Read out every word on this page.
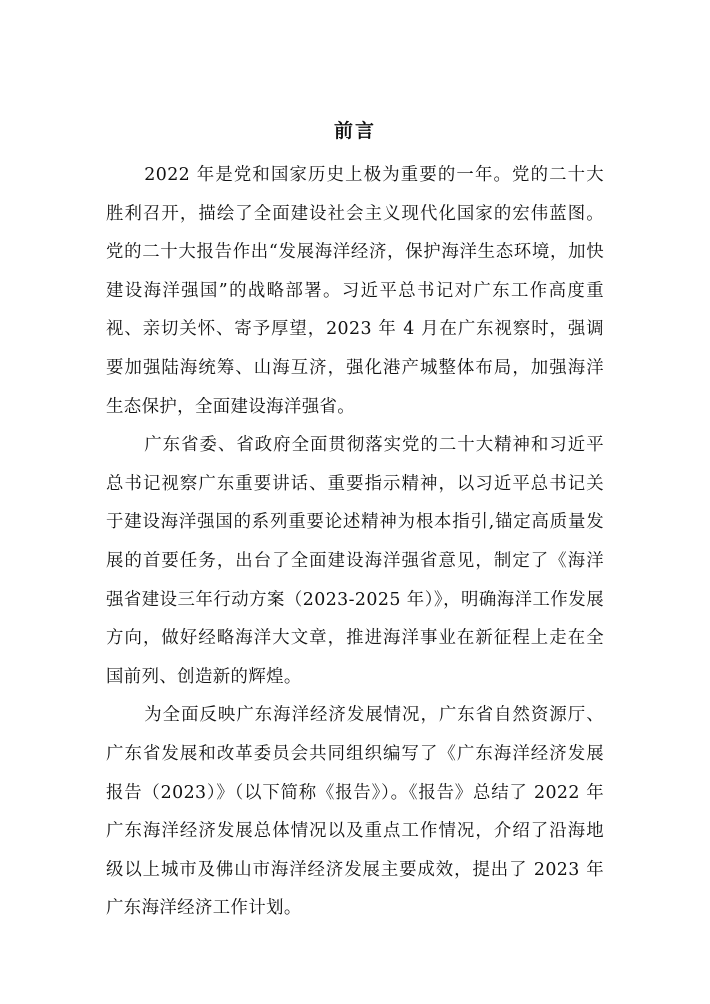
前言

2022 年是党和国家历史上极为重要的一年。党的二十大胜利召开，描绘了全面建设社会主义现代化国家的宏伟蓝图。党的二十大报告作出“发展海洋经济，保护海洋生态环境，加快建设海洋强国”的战略部署。习近平总书记对广东工作高度重视、亲切关怀、寄予厚望，2023 年 4 月在广东视察时，强调要加强陆海统筹、山海互济，强化港产城整体布局，加强海洋生态保护，全面建设海洋强省。

广东省委、省政府全面贯彻落实党的二十大精神和习近平总书记视察广东重要讲话、重要指示精神，以习近平总书记关于建设海洋强国的系列重要论述精神为根本指引,锚定高质量发展的首要任务，出台了全面建设海洋强省意见，制定了《海洋强省建设三年行动方案（2023-2025 年）》，明确海洋工作发展方向，做好经略海洋大文章，推进海洋事业在新征程上走在全国前列、创造新的辉煌。

为全面反映广东海洋经济发展情况，广东省自然资源厅、广东省发展和改革委员会共同组织编写了《广东海洋经济发展报告（2023）》（以下简称《报告》）。《报告》总结了 2022 年广东海洋经济发展总体情况以及重点工作情况，介绍了沿海地级以上城市及佛山市海洋经济发展主要成效，提出了 2023 年广东海洋经济工作计划。
